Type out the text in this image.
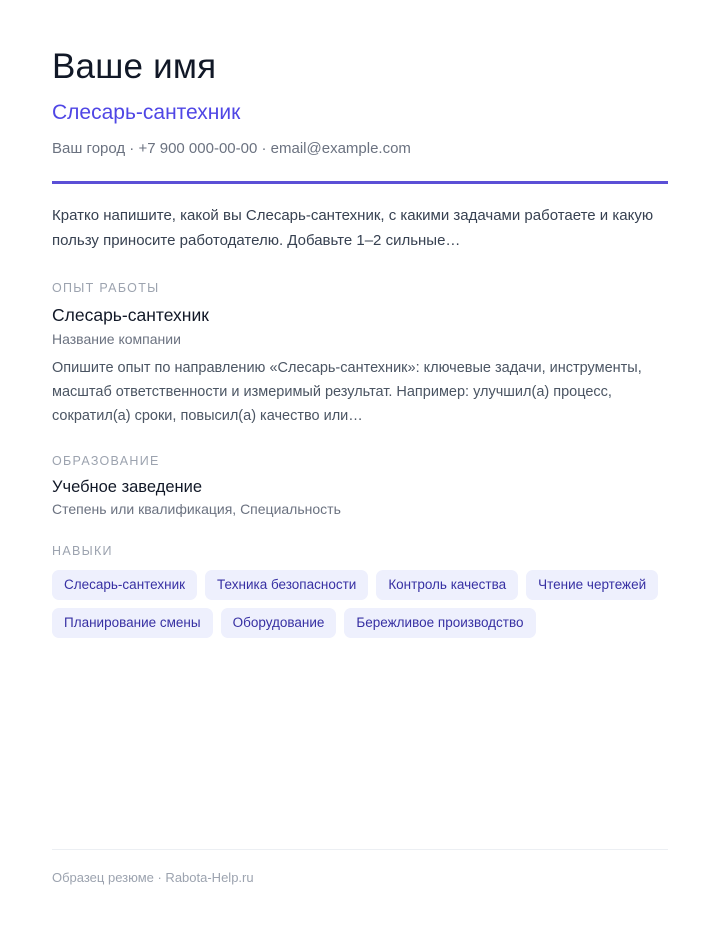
Ваше имя
Слесарь-сантехник
Ваш город · +7 900 000-00-00 · email@example.com
Кратко напишите, какой вы Слесарь-сантехник, с какими задачами работаете и какую пользу приносите работодателю. Добавьте 1–2 сильные…
ОПЫТ РАБОТЫ
Слесарь-сантехник
Название компании
Опишите опыт по направлению «Слесарь-сантехник»: ключевые задачи, инструменты, масштаб ответственности и измеримый результат. Например: улучшил(а) процесс, сократил(а) сроки, повысил(а) качество или…
ОБРАЗОВАНИЕ
Учебное заведение
Степень или квалификация, Специальность
НАВЫКИ
Слесарь-сантехник	Техника безопасности	Контроль качества	Чтение чертежей
Планирование смены	Оборудование	Бережливое производство
Образец резюме · Rabota-Help.ru
